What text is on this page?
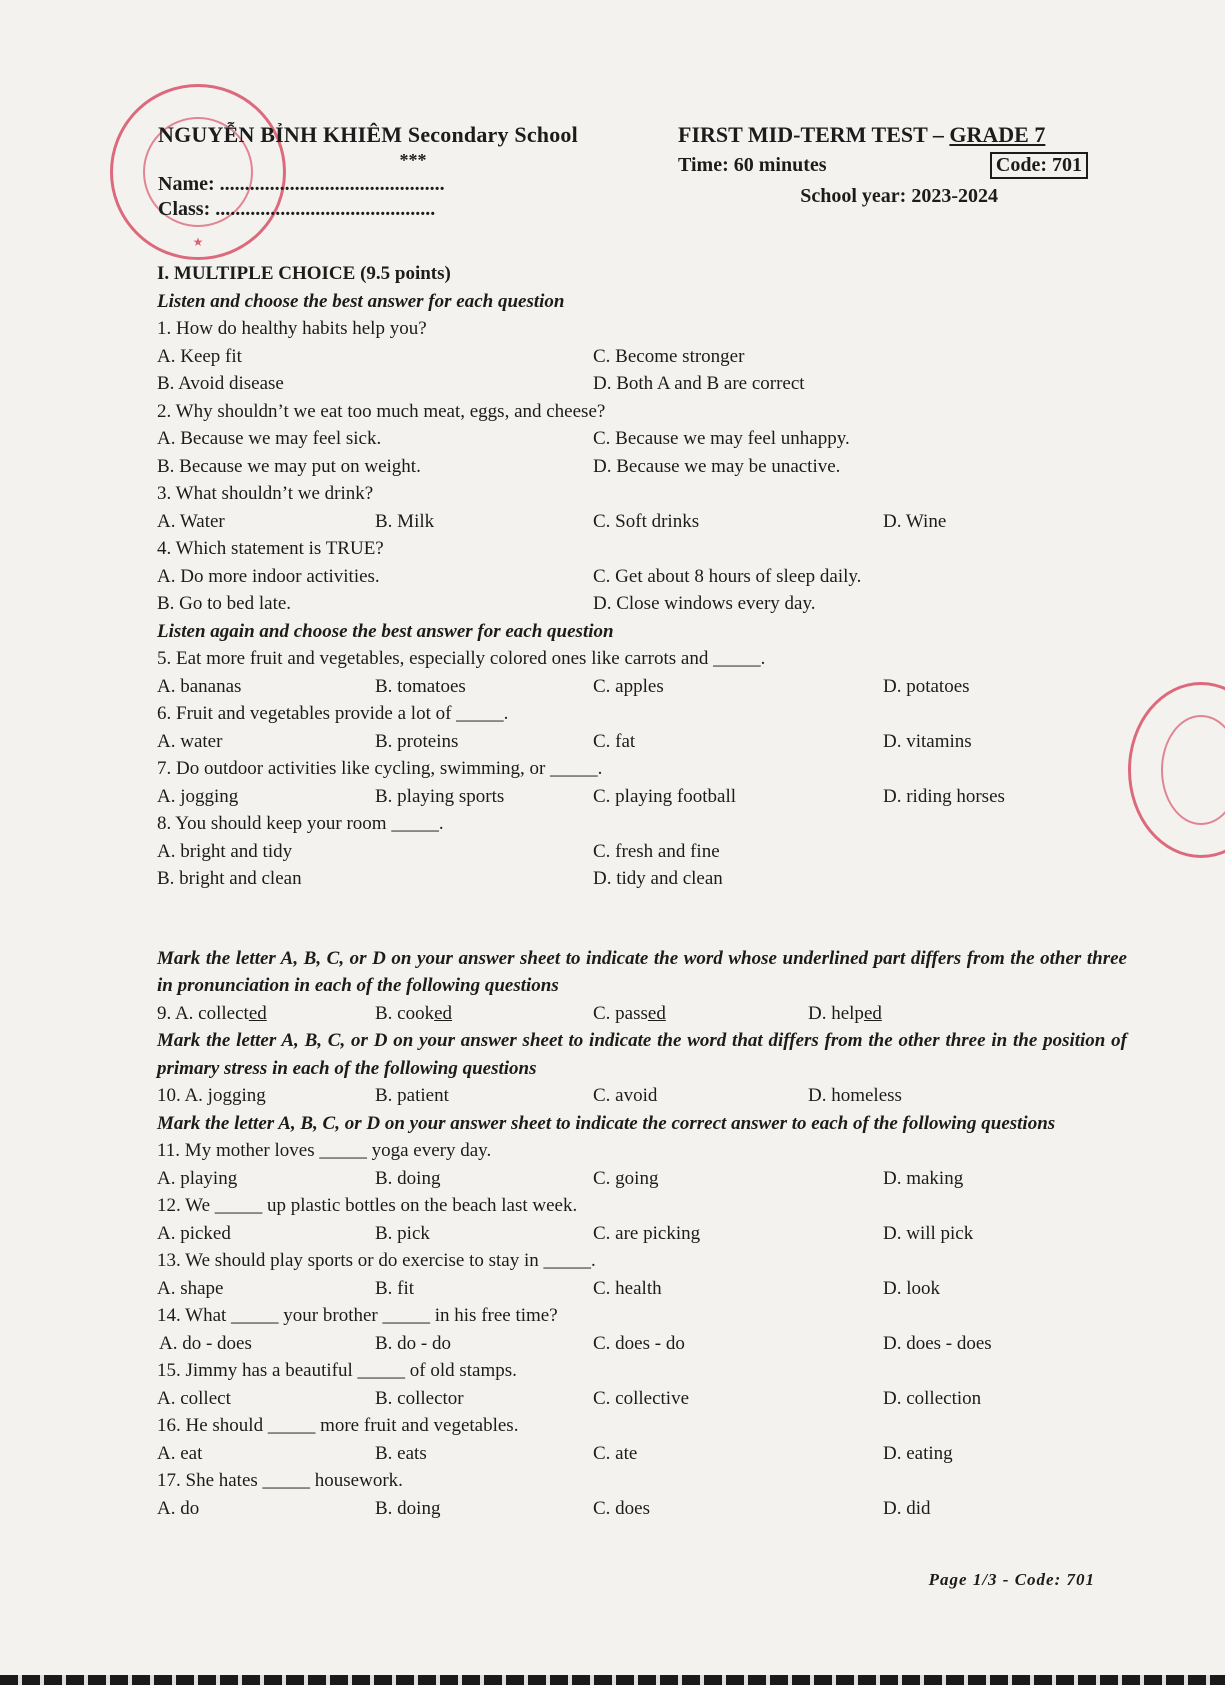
★
NGUYỄN BỈNH KHIÊM Secondary School
***
Name: .............................................
Class: ............................................
FIRST MID-TERM TEST – GRADE 7
Time: 60 minutes	Code: 701
School year: 2023-2024
I. MULTIPLE CHOICE (9.5 points)
Listen and choose the best answer for each question
1. How do healthy habits help you?
A. Keep fit	C. Become stronger
B. Avoid disease	D. Both A and B are correct
2. Why shouldn’t we eat too much meat, eggs, and cheese?
A. Because we may feel sick.	C. Because we may feel unhappy.
B. Because we may put on weight.	D. Because we may be unactive.
3. What shouldn’t we drink?
A. Water	B. Milk	C. Soft drinks	D. Wine
4. Which statement is TRUE?
A. Do more indoor activities.	C. Get about 8 hours of sleep daily.
B. Go to bed late.	D. Close windows every day.
Listen again and choose the best answer for each question
5. Eat more fruit and vegetables, especially colored ones like carrots and _____.
A. bananas	B. tomatoes	C. apples	D. potatoes
6. Fruit and vegetables provide a lot of _____.
A. water	B. proteins	C. fat	D. vitamins
7. Do outdoor activities like cycling, swimming, or _____.
A. jogging	B. playing sports	C. playing football	D. riding horses
8. You should keep your room _____.
A. bright and tidy	C. fresh and fine
B. bright and clean	D. tidy and clean
Mark the letter A, B, C, or D on your answer sheet to indicate the word whose underlined part differs from the other three in pronunciation in each of the following questions
9. A. collected	B. cooked	C. passed	D. helped
Mark the letter A, B, C, or D on your answer sheet to indicate the word that differs from the other three in the position of primary stress in each of the following questions
10. A. jogging	B. patient	C. avoid	D. homeless
Mark the letter A, B, C, or D on your answer sheet to indicate the correct answer to each of the following questions
11. My mother loves _____ yoga every day.
A. playing	B. doing	C. going	D. making
12. We _____ up plastic bottles on the beach last week.
A. picked	B. pick	C. are picking	D. will pick
13. We should play sports or do exercise to stay in _____.
A. shape	B. fit	C. health	D. look
14. What _____ your brother _____ in his free time?
A. do - does	B. do - do	C. does - do	D. does - does
15. Jimmy has a beautiful _____ of old stamps.
A. collect	B. collector	C. collective	D. collection
16. He should _____ more fruit and vegetables.
A. eat	B. eats	C. ate	D. eating
17. She hates _____ housework.
A. do	B. doing	C. does	D. did
Page 1/3 - Code: 701
